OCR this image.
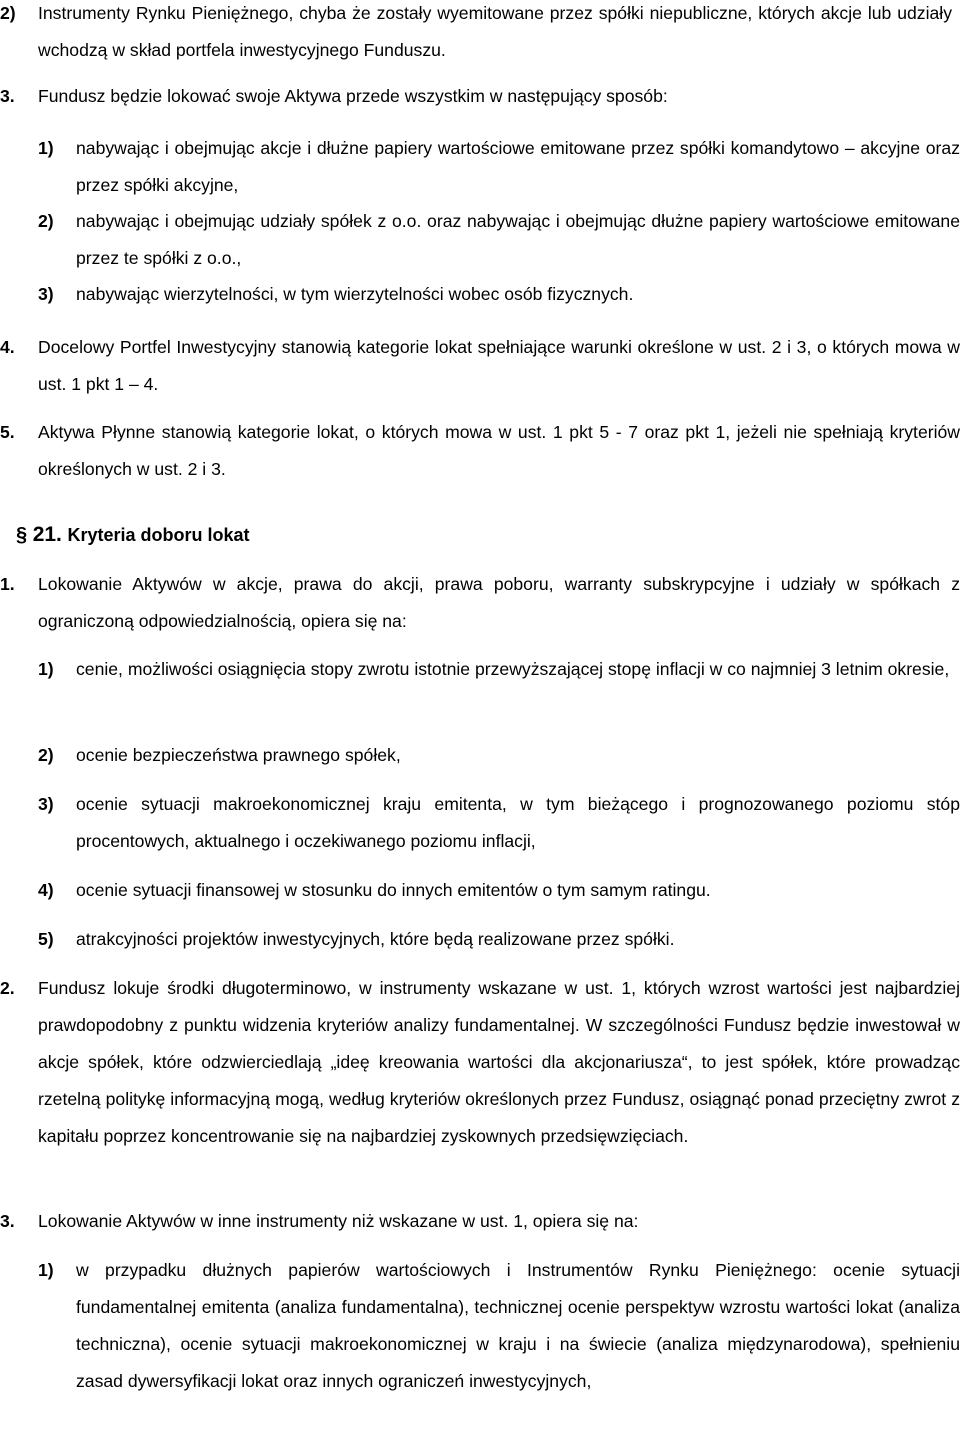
2) Instrumenty Rynku Pieniężnego, chyba że zostały wyemitowane przez spółki niepubliczne, których akcje lub udziały wchodzą w skład portfela inwestycyjnego Funduszu.
3. Fundusz będzie lokować swoje Aktywa przede wszystkim w następujący sposób:
1) nabywając i obejmując akcje i dłużne papiery wartościowe emitowane przez spółki komandytowo – akcyjne oraz przez spółki akcyjne,
2) nabywając i obejmując udziały spółek z o.o. oraz nabywając i obejmując dłużne papiery wartościowe emitowane przez te spółki z o.o.,
3) nabywając wierzytelności, w tym wierzytelności wobec osób fizycznych.
4. Docelowy Portfel Inwestycyjny stanowią kategorie lokat spełniające warunki określone w ust. 2 i 3, o których mowa w ust. 1 pkt 1 – 4.
5. Aktywa Płynne stanowią kategorie lokat, o których mowa w ust. 1 pkt 5 - 7 oraz pkt 1, jeżeli nie spełniają kryteriów określonych w ust. 2 i 3.
§ 21. Kryteria doboru lokat
1. Lokowanie Aktywów w akcje, prawa do akcji, prawa poboru, warranty subskrypcyjne i udziały w spółkach z ograniczoną odpowiedzialnością, opiera się na:
1) cenie, możliwości osiągnięcia stopy zwrotu istotnie przewyższającej stopę inflacji w co najmniej 3 letnim okresie,
2) ocenie bezpieczeństwa prawnego spółek,
3) ocenie sytuacji makroekonomicznej kraju emitenta, w tym bieżącego i prognozowanego poziomu stóp procentowych, aktualnego i oczekiwanego poziomu inflacji,
4) ocenie sytuacji finansowej w stosunku do innych emitentów o tym samym ratingu.
5) atrakcyjności projektów inwestycyjnych, które będą realizowane przez spółki.
2. Fundusz lokuje środki długoterminowo, w instrumenty wskazane w ust. 1, których wzrost wartości jest najbardziej prawdopodobny z punktu widzenia kryteriów analizy fundamentalnej. W szczególności Fundusz będzie inwestował w akcje spółek, które odzwierciedlają „ideę kreowania wartości dla akcjonariusza“, to jest spółek, które prowadząc rzetelną politykę informacyjną mogą, według kryteriów określonych przez Fundusz, osiągnąć ponad przeciętny zwrot z kapitału poprzez koncentrowanie się na najbardziej zyskownych przedsięwzięciach.
3. Lokowanie Aktywów w inne instrumenty niż wskazane w ust. 1, opiera się na:
1) w przypadku dłużnych papierów wartościowych i Instrumentów Rynku Pieniężnego: ocenie sytuacji fundamentalnej emitenta (analiza fundamentalna), technicznej ocenie perspektyw wzrostu wartości lokat (analiza techniczna), ocenie sytuacji makroekonomicznej w kraju i na świecie (analiza międzynarodowa), spełnieniu zasad dywersyfikacji lokat oraz innych ograniczeń inwestycyjnych,
